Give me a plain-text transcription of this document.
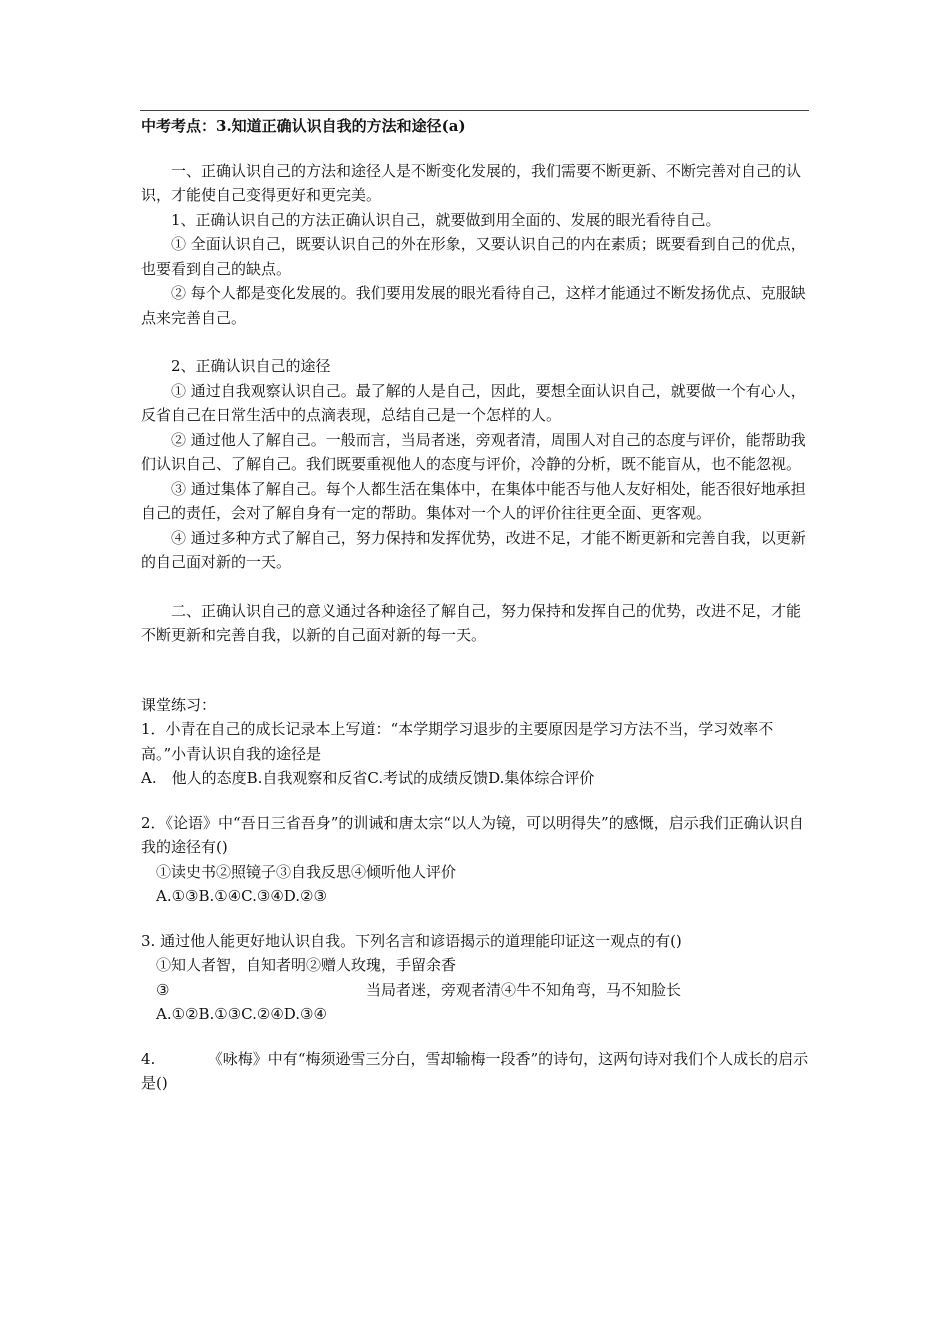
中考考点：3.知道正确认识自我的方法和途径(a)

一、正确认识自己的方法和途径人是不断变化发展的，我们需要不断更新、不断完善对自己的认识，才能使自己变得更好和更完美。

1、正确认识自己的方法正确认识自己，就要做到用全面的、发展的眼光看待自己。

① 全面认识自己，既要认识自己的外在形象，又要认识自己的内在素质；既要看到自己的优点，也要看到自己的缺点。

② 每个人都是变化发展的。我们要用发展的眼光看待自己，这样才能通过不断发扬优点、克服缺点来完善自己。

2、正确认识自己的途径

① 通过自我观察认识自己。最了解的人是自己，因此，要想全面认识自己，就要做一个有心人，反省自己在日常生活中的点滴表现，总结自己是一个怎样的人。

② 通过他人了解自己。一般而言，当局者迷，旁观者清，周围人对自己的态度与评价，能帮助我们认识自己、了解自己。我们既要重视他人的态度与评价，冷静的分析，既不能盲从，也不能忽视。

③ 通过集体了解自己。每个人都生活在集体中，在集体中能否与他人友好相处，能否很好地承担自己的责任，会对了解自身有一定的帮助。集体对一个人的评价往往更全面、更客观。

④ 通过多种方式了解自己，努力保持和发挥优势，改进不足，才能不断更新和完善自我，以更新的自己面对新的一天。

二、正确认识自己的意义通过各种途径了解自己，努力保持和发挥自己的优势，改进不足，才能不断更新和完善自我，以新的自己面对新的每一天。

课堂练习：

1．小青在自己的成长记录本上写道：“本学期学习退步的主要原因是学习方法不当，学习效率不高。”小青认识自我的途径是

A.　他人的态度B.自我观察和反省C.考试的成绩反馈D.集体综合评价

2．《论语》中“吾日三省吾身”的训诫和唐太宗“以人为镜，可以明得失”的感慨，启示我们正确认识自我的途径有()

①读史书②照镜子③自我反思④倾听他人评价

A.①③B.①④C.③④D.②③

3. 通过他人能更好地认识自我。下列名言和谚语揭示的道理能印证这一观点的有()

①知人者智，自知者明②赠人玫瑰，手留余香

③	当局者迷，旁观者清④牛不知角弯，马不知脸长

A.①②B.①③C.②④D.③④

4.　　　　《咏梅》中有“梅须逊雪三分白，雪却输梅一段香”的诗句，这两句诗对我们个人成长的启示是()
